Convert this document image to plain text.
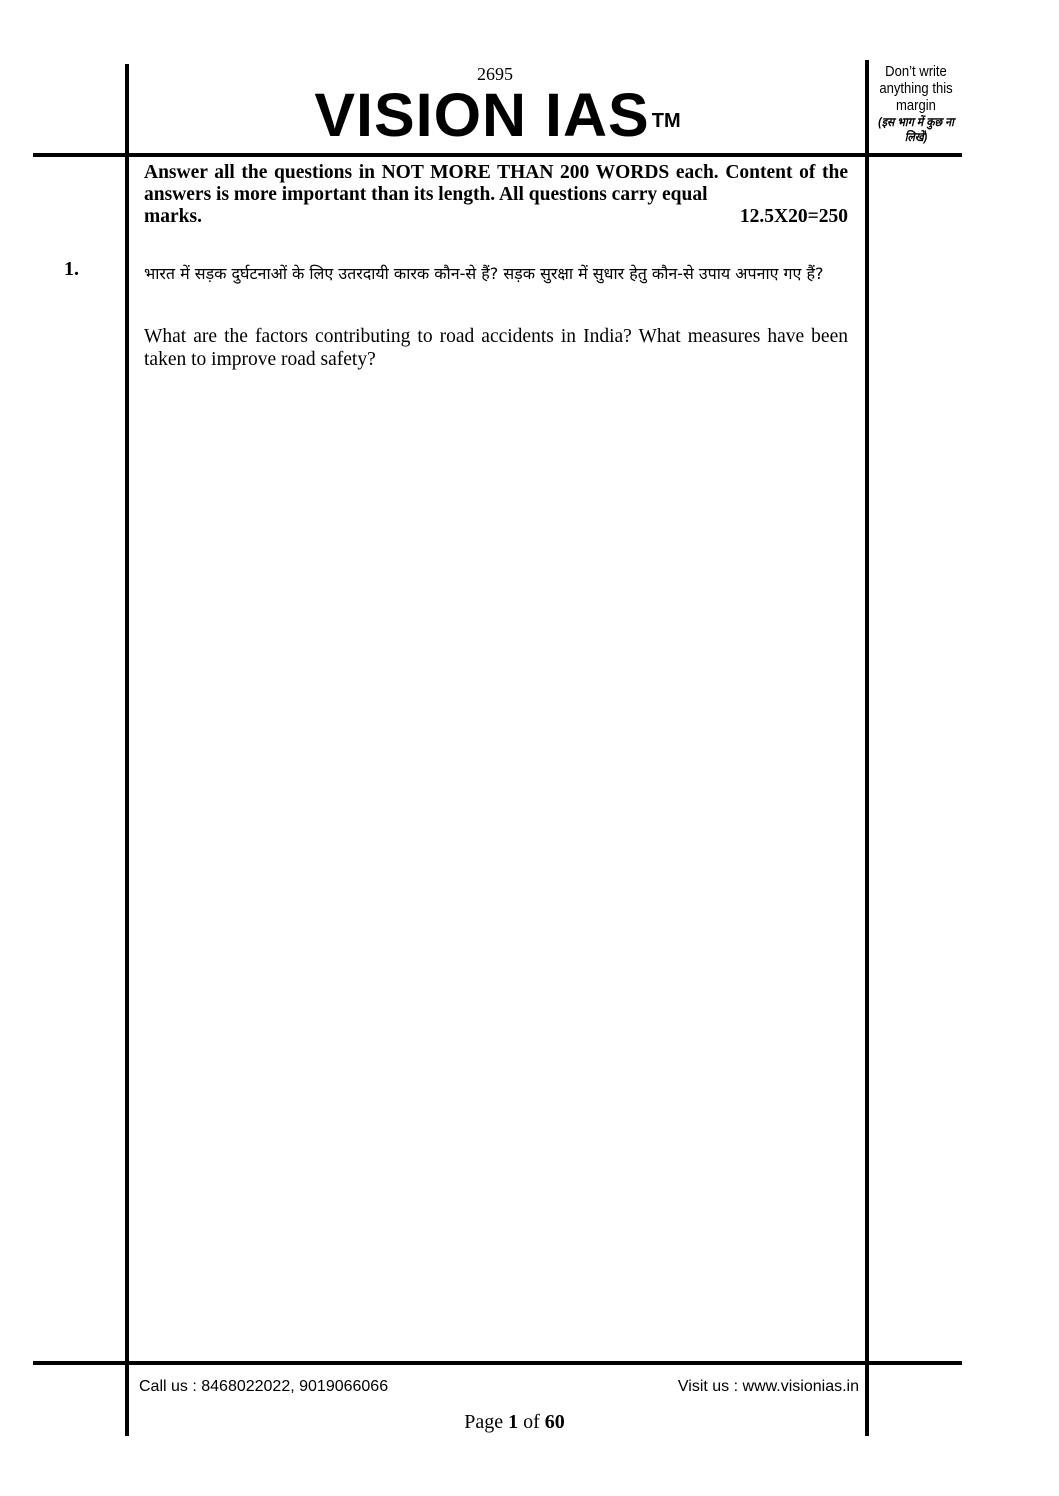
2695
VISION IAS ™
Don’t write anything this margin
(इस भाग में कुछ ना लिखें)
Answer all the questions in NOT MORE THAN 200 WORDS each. Content of the answers is more important than its length. All questions carry equal
marks.	12.5X20=250
1.	भारत में सड़क दुर्घटनाओं के लिए उतरदायी कारक कौन-से हैं? सड़क सुरक्षा में सुधार हेतु कौन-से उपाय अपनाए गए हैं?
What are the factors contributing to road accidents in India? What measures have been taken to improve road safety?
Call us : 8468022022, 9019066066	Visit us : www.visionias.in
Page 1 of 60
